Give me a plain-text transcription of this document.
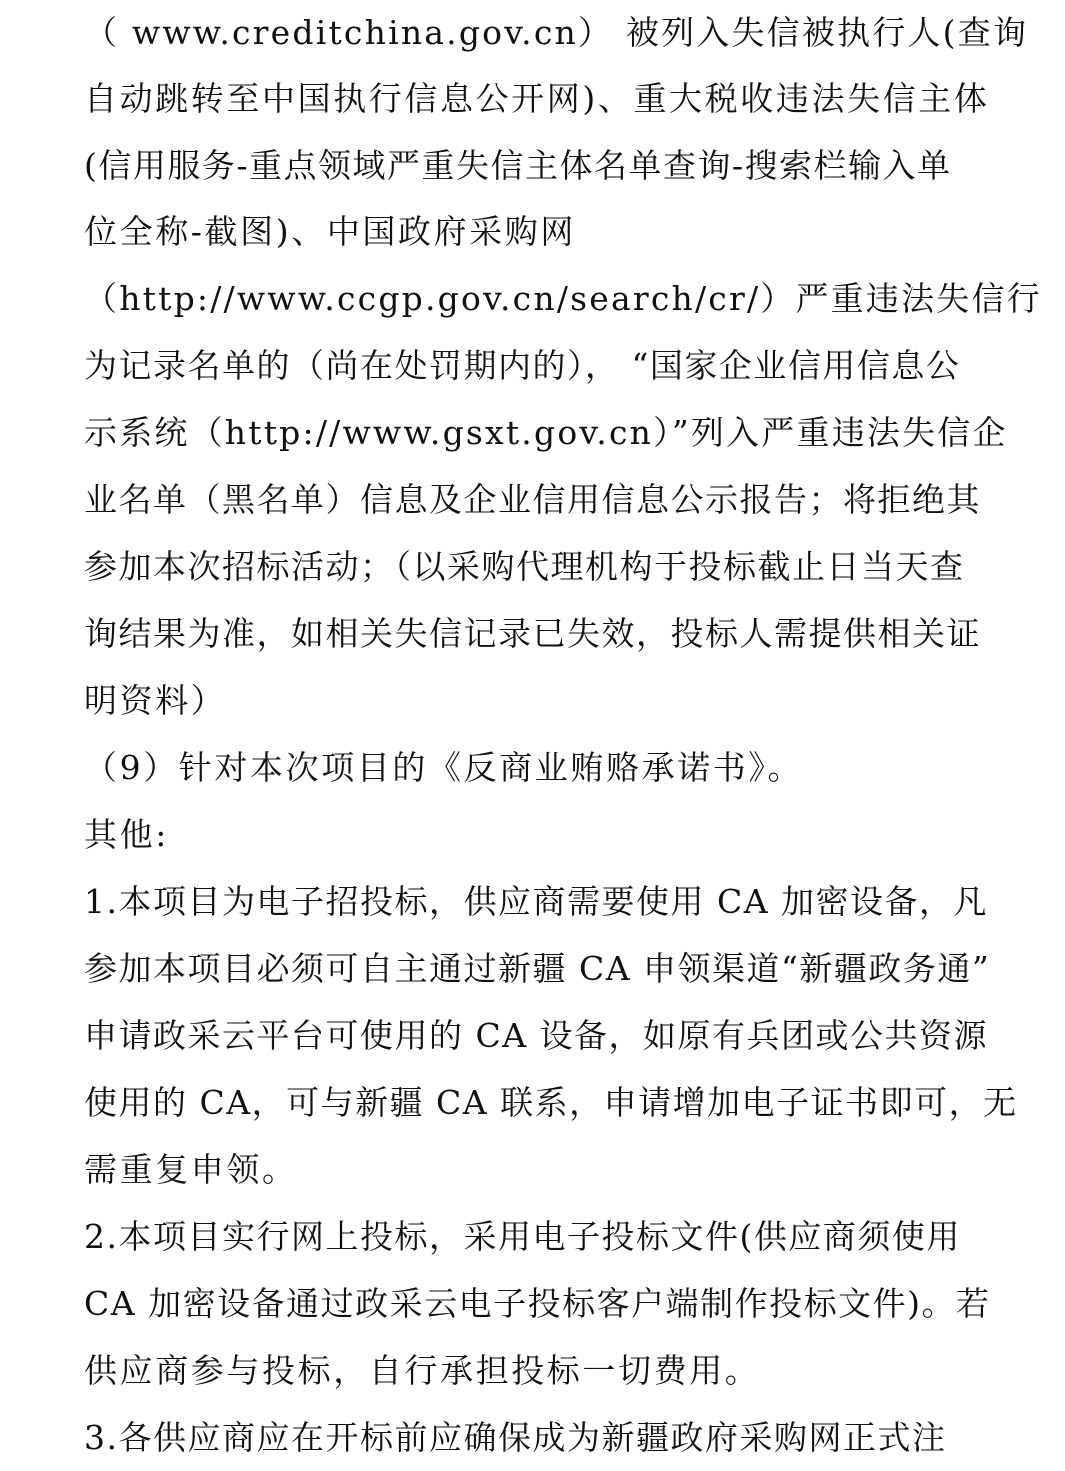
（ www.creditchina.gov.cn） 被列入失信被执行人(查询
自动跳转至中国执行信息公开网)、重大税收违法失信主体
(信用服务-重点领域严重失信主体名单查询-搜索栏输入单
位全称-截图)、中国政府采购网
（http://www.ccgp.gov.cn/search/cr/）严重违法失信行
为记录名单的（尚在处罚期内的）， “国家企业信用信息公
示系统（http://www.gsxt.gov.cn）”列入严重违法失信企
业名单（黑名单）信息及企业信用信息公示报告；将拒绝其
参加本次招标活动；（以采购代理机构于投标截止日当天查
询结果为准，如相关失信记录已失效，投标人需提供相关证
明资料）
（9）针对本次项目的《反商业贿赂承诺书》。
其他:
1.本项目为电子招投标，供应商需要使用 CA 加密设备，凡
参加本项目必须可自主通过新疆 CA 申领渠道“新疆政务通”
申请政采云平台可使用的 CA 设备，如原有兵团或公共资源
使用的 CA，可与新疆 CA 联系，申请增加电子证书即可，无
需重复申领。
2.本项目实行网上投标，采用电子投标文件(供应商须使用
CA 加密设备通过政采云电子投标客户端制作投标文件)。若
供应商参与投标，自行承担投标一切费用。
3.各供应商应在开标前应确保成为新疆政府采购网正式注
